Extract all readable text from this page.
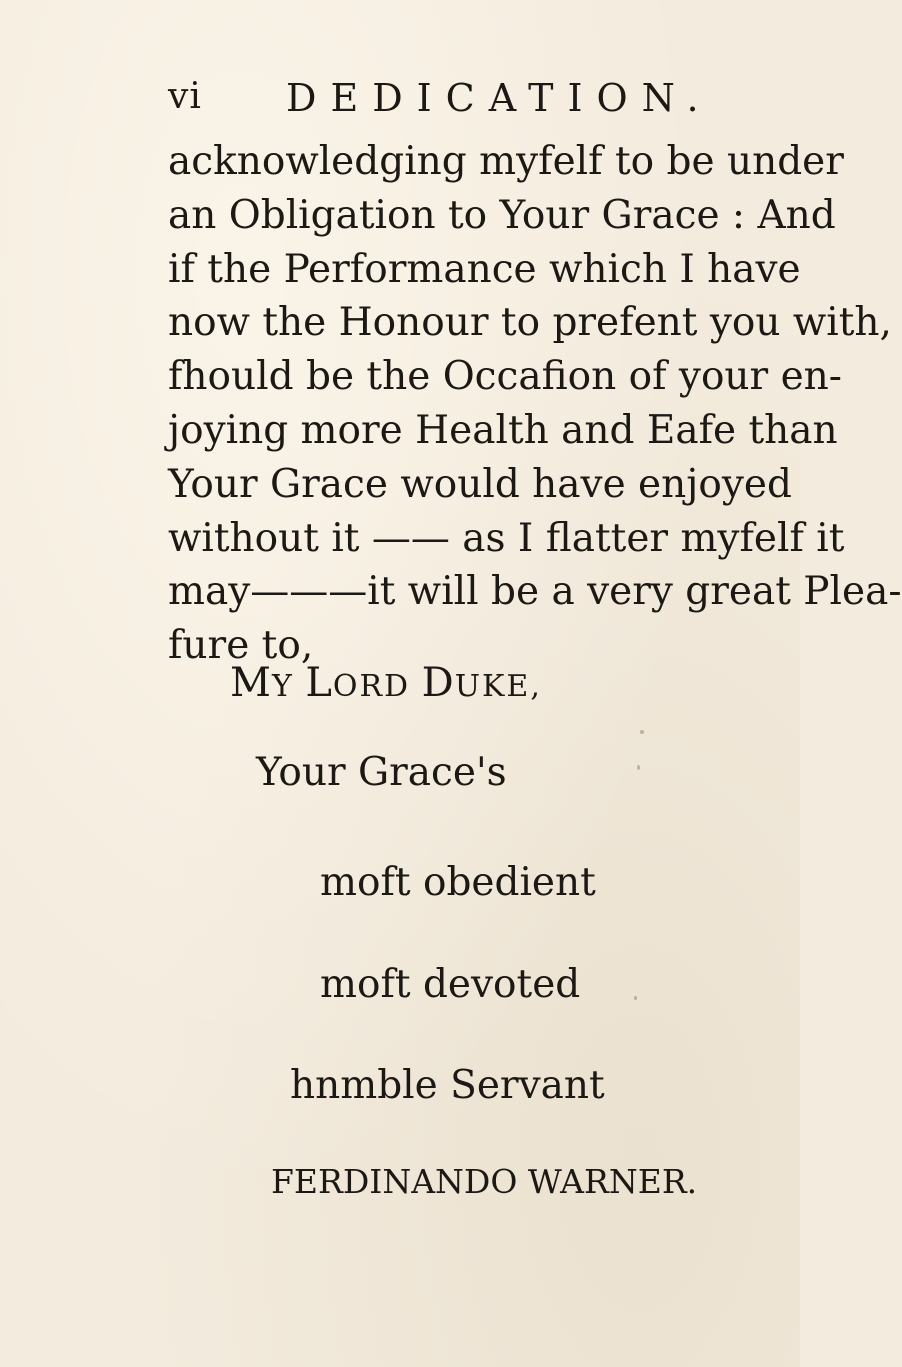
vi DEDICATION.
acknowledging myfelf to be under
an Obligation to Your Grace : And
if the Performance which I have
now the Honour to prefent you with,
fhould be the Occafion of your en-
joying more Health and Eafe than
Your Grace would have enjoyed
without it —— as I flatter myfelf it
may———it will be a very great Plea-
fure to,
MY LORD DUKE,
Your Grace's
moft obedient
moft devoted
hnmble Servant
FERDINANDO WARNER.
